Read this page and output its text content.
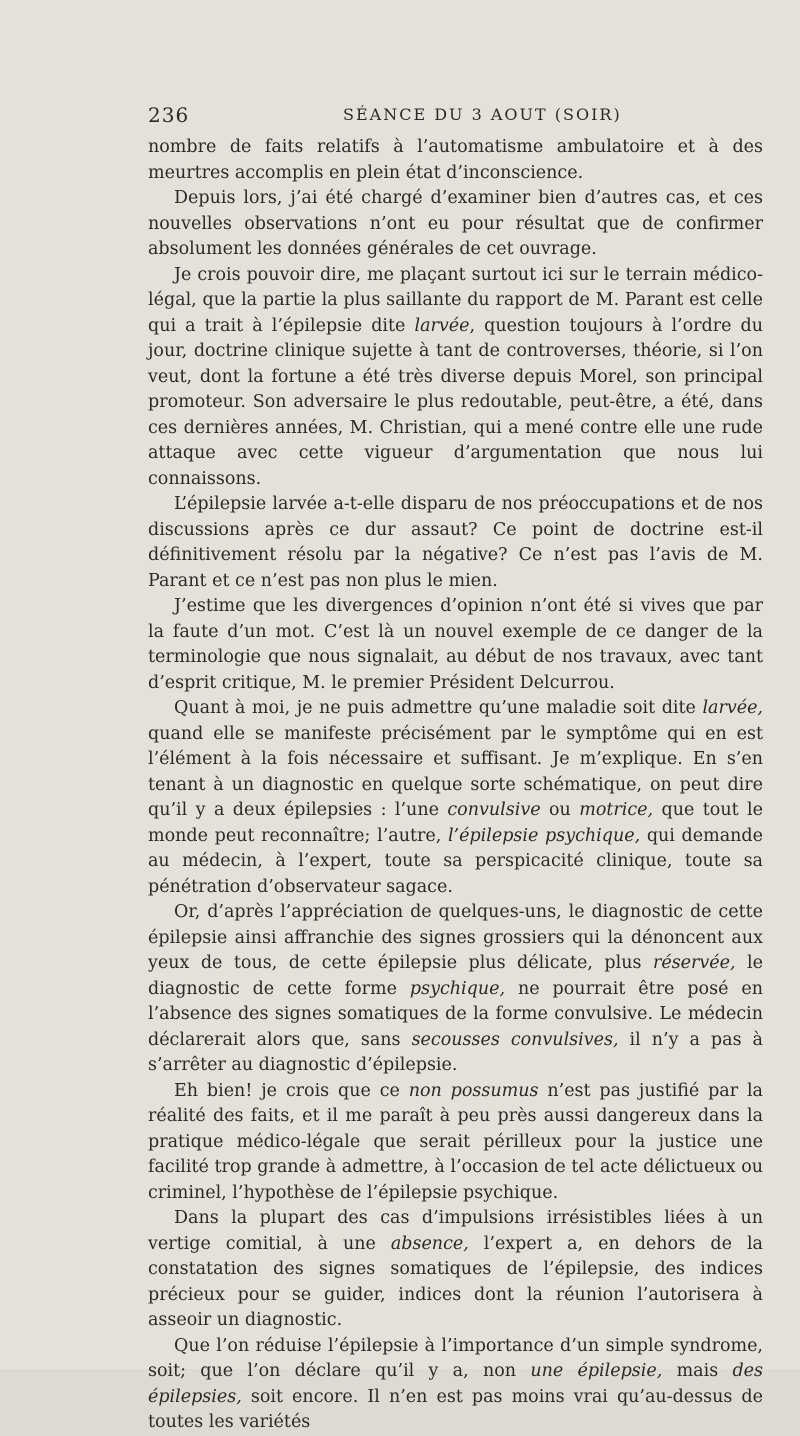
236	SÉANCE DU 3 AOUT (SOIR)

nombre de faits relatifs à l’automatisme ambulatoire et à des meurtres accomplis en plein état d’inconscience.

Depuis lors, j’ai été chargé d’examiner bien d’autres cas, et ces nouvelles observations n’ont eu pour résultat que de confirmer absolument les données générales de cet ouvrage.

Je crois pouvoir dire, me plaçant surtout ici sur le terrain médico-légal, que la partie la plus saillante du rapport de M. Parant est celle qui a trait à l’épilepsie dite larvée, question toujours à l’ordre du jour, doctrine clinique sujette à tant de controverses, théorie, si l’on veut, dont la fortune a été très diverse depuis Morel, son principal promoteur. Son adversaire le plus redoutable, peut-être, a été, dans ces dernières années, M. Christian, qui a mené contre elle une rude attaque avec cette vigueur d’argumentation que nous lui connaissons.

L’épilepsie larvée a-t-elle disparu de nos préoccupations et de nos discussions après ce dur assaut? Ce point de doctrine est-il définitivement résolu par la négative? Ce n’est pas l’avis de M. Parant et ce n’est pas non plus le mien.

J’estime que les divergences d’opinion n’ont été si vives que par la faute d’un mot. C’est là un nouvel exemple de ce danger de la terminologie que nous signalait, au début de nos travaux, avec tant d’esprit critique, M. le premier Président Delcurrou.

Quant à moi, je ne puis admettre qu’une maladie soit dite larvée, quand elle se manifeste précisément par le symptôme qui en est l’élément à la fois nécessaire et suffisant. Je m’explique. En s’en tenant à un diagnostic en quelque sorte schématique, on peut dire qu’il y a deux épilepsies : l’une convulsive ou motrice, que tout le monde peut reconnaître; l’autre, l’épilepsie psychique, qui demande au médecin, à l’expert, toute sa perspicacité clinique, toute sa pénétration d’observateur sagace.

Or, d’après l’appréciation de quelques-uns, le diagnostic de cette épilepsie ainsi affranchie des signes grossiers qui la dénoncent aux yeux de tous, de cette épilepsie plus délicate, plus réservée, le diagnostic de cette forme psychique, ne pourrait être posé en l’absence des signes somatiques de la forme convulsive. Le médecin déclarerait alors que, sans secousses convulsives, il n’y a pas à s’arrêter au diagnostic d’épilepsie.

Eh bien! je crois que ce non possumus n’est pas justifié par la réalité des faits, et il me paraît à peu près aussi dangereux dans la pratique médico-légale que serait périlleux pour la justice une facilité trop grande à admettre, à l’occasion de tel acte délictueux ou criminel, l’hypothèse de l’épilepsie psychique.

Dans la plupart des cas d’impulsions irrésistibles liées à un vertige comitial, à une absence, l’expert a, en dehors de la constatation des signes somatiques de l’épilepsie, des indices précieux pour se guider, indices dont la réunion l’autorisera à asseoir un diagnostic.

Que l’on réduise l’épilepsie à l’importance d’un simple syndrome, soit; que l’on déclare qu’il y a, non une épilepsie, mais des épilepsies, soit encore. Il n’en est pas moins vrai qu’au-dessus de toutes les variétés
